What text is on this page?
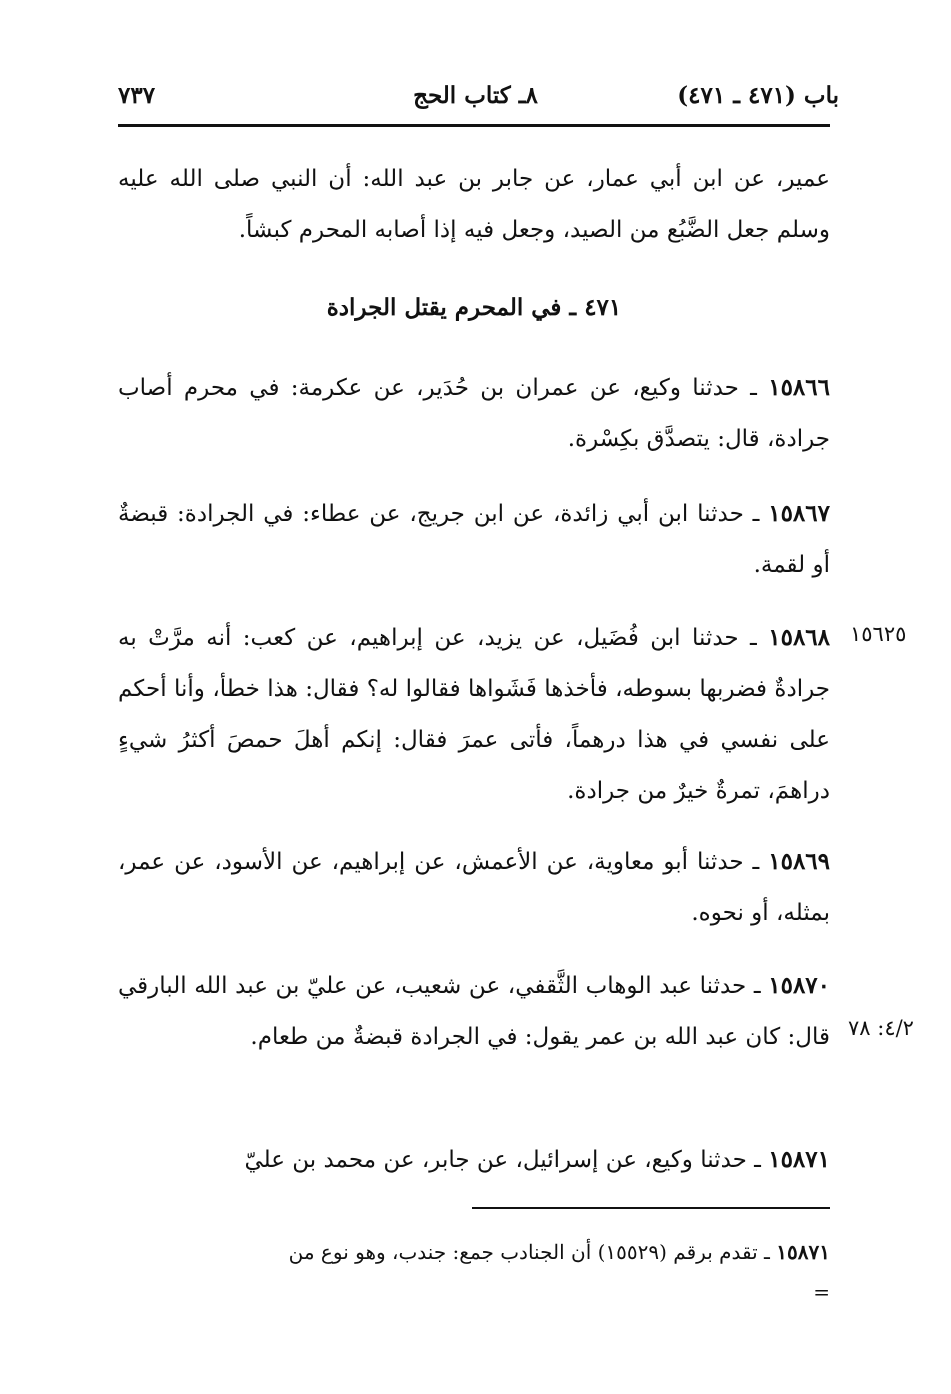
باب (٤٧١ ـ ٤٧١)
٨ـ كتاب الحج
٧٣٧

عمير، عن ابن أبي عمار، عن جابر بن عبد الله: أن النبي صلى الله عليه وسلم جعل الضَّبُع من الصيد، وجعل فيه إذا أصابه المحرم كبشاً.

٤٧١ ـ في المحرم يقتل الجرادة

١٥٨٦٦ ـ حدثنا وكيع، عن عمران بن حُدَير، عن عكرمة: في محرم أصاب جرادة، قال: يتصدَّق بكِسْرة.

١٥٨٦٧ ـ حدثنا ابن أبي زائدة، عن ابن جريج، عن عطاء: في الجرادة: قبضةٌ أو لقمة.

١٥٦٢٥

١٥٨٦٨ ـ حدثنا ابن فُضَيل، عن يزيد، عن إبراهيم، عن كعب: أنه مرَّتْ به جرادةٌ فضربها بسوطه، فأخذها فَشَواها فقالوا له؟ فقال: هذا خطأ، وأنا أحكم على نفسي في هذا درهماً، فأتى عمرَ فقال: إنكم أهلَ حمصَ أكثرُ شيءٍ دراهمَ، تمرةٌ خيرٌ من جرادة.

١٥٨٦٩ ـ حدثنا أبو معاوية، عن الأعمش، عن إبراهيم، عن الأسود، عن عمر، بمثله، أو نحوه.

٤/٢: ٧٨

١٥٨٧٠ ـ حدثنا عبد الوهاب الثَّقفي، عن شعيب، عن عليّ بن عبد الله البارقي قال: كان عبد الله بن عمر يقول: في الجرادة قبضةٌ من طعام.

١٥٨٧١ ـ حدثنا وكيع، عن إسرائيل، عن جابر، عن محمد بن عليّ

١٥٨٧١ ـ تقدم برقم (١٥٥٢٩) أن الجنادب جمع: جندب، وهو نوع من
=
